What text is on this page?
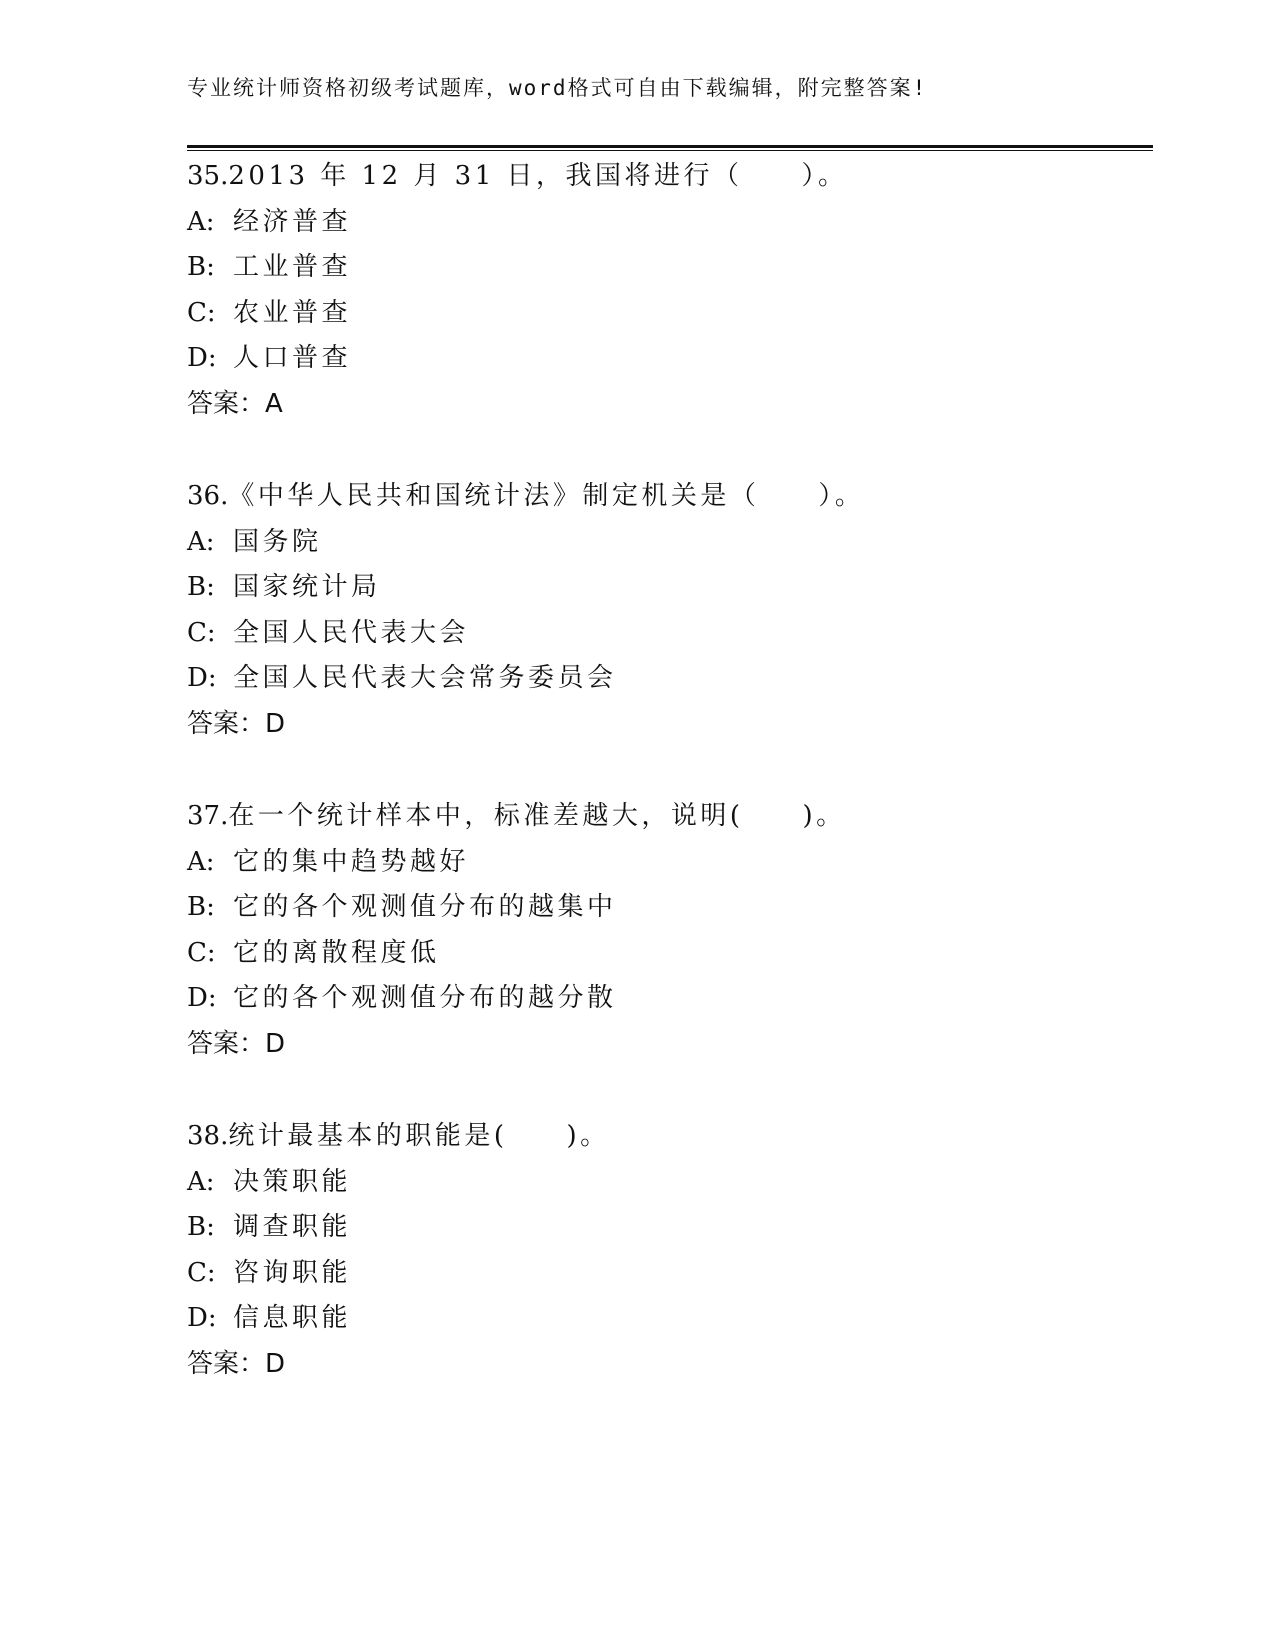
专业统计师资格初级考试题库，word格式可自由下载编辑，附完整答案!
35.2013 年 12 月 31 日，我国将进行（　　）。
A: 经济普查
B: 工业普查
C: 农业普查
D: 人口普查
答案：A
36.《中华人民共和国统计法》制定机关是（　　）。
A: 国务院
B: 国家统计局
C: 全国人民代表大会
D: 全国人民代表大会常务委员会
答案：D
37.在一个统计样本中，标准差越大，说明(　　)。
A: 它的集中趋势越好
B: 它的各个观测值分布的越集中
C: 它的离散程度低
D: 它的各个观测值分布的越分散
答案：D
38.统计最基本的职能是(　　)。
A: 决策职能
B: 调查职能
C: 咨询职能
D: 信息职能
答案：D
